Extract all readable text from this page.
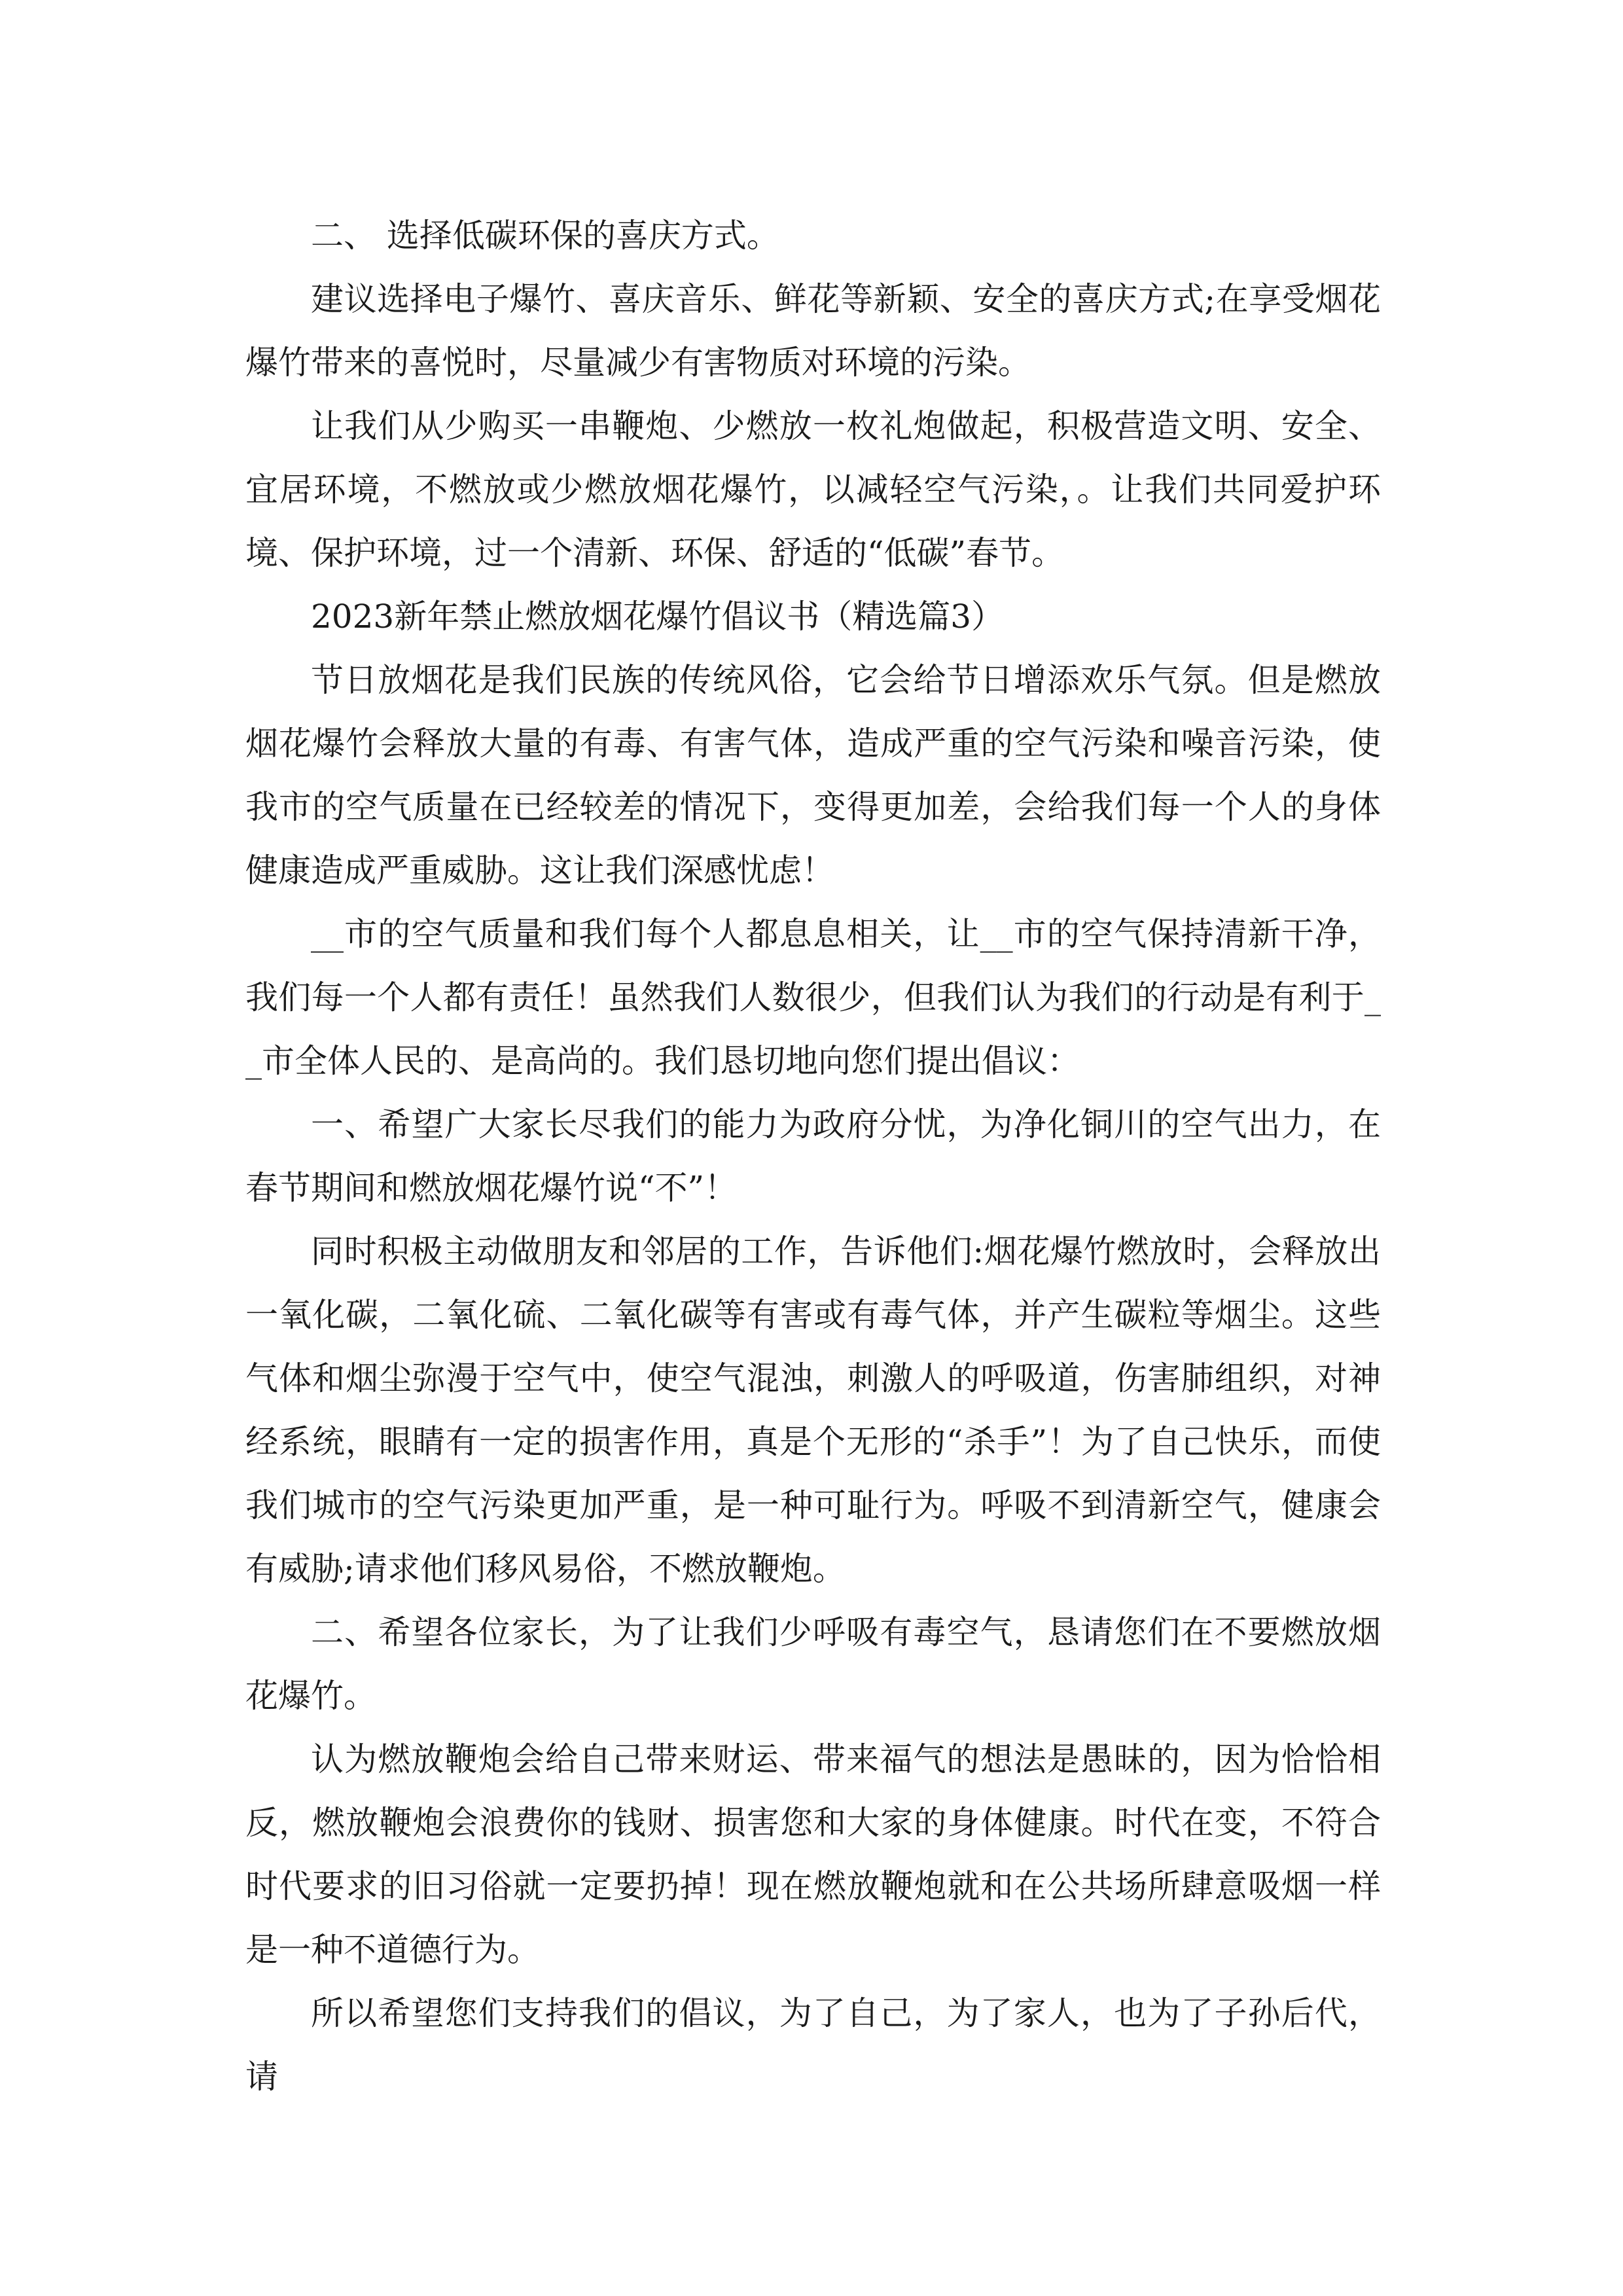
二、 选择低碳环保的喜庆方式。

建议选择电子爆竹、喜庆音乐、鲜花等新颖、安全的喜庆方式;在享受烟花爆竹带来的喜悦时，尽量减少有害物质对环境的污染。

让我们从少购买一串鞭炮、少燃放一枚礼炮做起，积极营造文明、安全、宜居环境，不燃放或少燃放烟花爆竹，以减轻空气污染，。让我们共同爱护环境、保护环境，过一个清新、环保、舒适的“低碳”春节。

2023新年禁止燃放烟花爆竹倡议书（精选篇3）

节日放烟花是我们民族的传统风俗，它会给节日增添欢乐气氛。但是燃放烟花爆竹会释放大量的有毒、有害气体，造成严重的空气污染和噪音污染，使我市的空气质量在已经较差的情况下，变得更加差，会给我们每一个人的身体健康造成严重威胁。这让我们深感忧虑！

__市的空气质量和我们每个人都息息相关，让__市的空气保持清新干净，我们每一个人都有责任！虽然我们人数很少，但我们认为我们的行动是有利于__市全体人民的、是高尚的。我们恳切地向您们提出倡议：

一、希望广大家长尽我们的能力为政府分忧，为净化铜川的空气出力，在春节期间和燃放烟花爆竹说“不”！

同时积极主动做朋友和邻居的工作，告诉他们:烟花爆竹燃放时，会释放出一氧化碳，二氧化硫、二氧化碳等有害或有毒气体，并产生碳粒等烟尘。这些气体和烟尘弥漫于空气中，使空气混浊，刺激人的呼吸道，伤害肺组织，对神经系统，眼睛有一定的损害作用，真是个无形的“杀手”！为了自己快乐，而使我们城市的空气污染更加严重，是一种可耻行为。呼吸不到清新空气，健康会有威胁;请求他们移风易俗，不燃放鞭炮。

二、希望各位家长，为了让我们少呼吸有毒空气，恳请您们在不要燃放烟花爆竹。

认为燃放鞭炮会给自己带来财运、带来福气的想法是愚昧的，因为恰恰相反，燃放鞭炮会浪费你的钱财、损害您和大家的身体健康。时代在变，不符合时代要求的旧习俗就一定要扔掉！现在燃放鞭炮就和在公共场所肆意吸烟一样是一种不道德行为。

所以希望您们支持我们的倡议，为了自己，为了家人，也为了子孙后代，请
